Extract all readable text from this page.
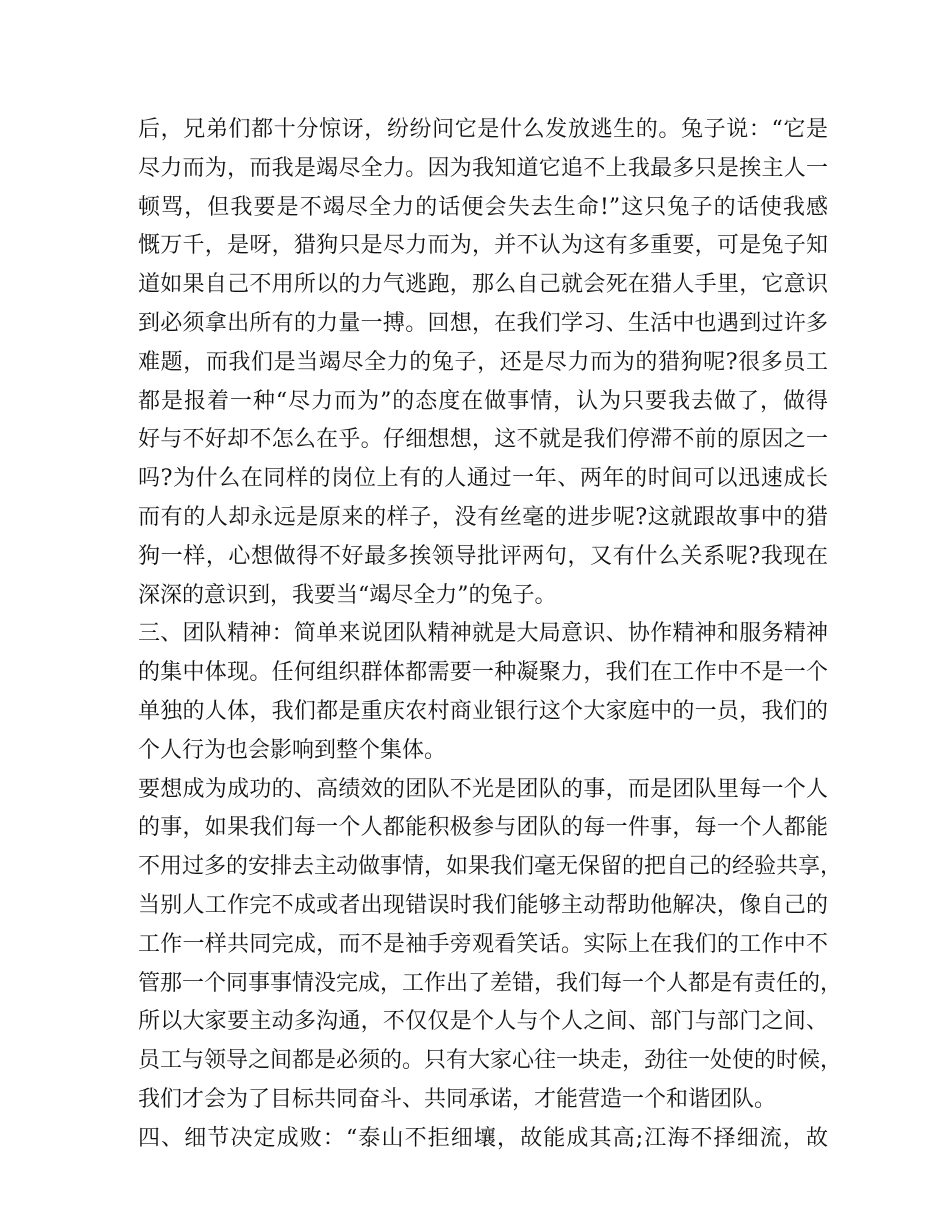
后，兄弟们都十分惊讶，纷纷问它是什么发放逃生的。兔子说：“它是
尽力而为，而我是竭尽全力。因为我知道它追不上我最多只是挨主人一
顿骂，但我要是不竭尽全力的话便会失去生命!”这只兔子的话使我感
慨万千，是呀，猎狗只是尽力而为，并不认为这有多重要，可是兔子知
道如果自己不用所以的力气逃跑，那么自己就会死在猎人手里，它意识
到必须拿出所有的力量一搏。回想，在我们学习、生活中也遇到过许多
难题，而我们是当竭尽全力的兔子，还是尽力而为的猎狗呢?很多员工
都是报着一种“尽力而为”的态度在做事情，认为只要我去做了，做得
好与不好却不怎么在乎。仔细想想，这不就是我们停滞不前的原因之一
吗?为什么在同样的岗位上有的人通过一年、两年的时间可以迅速成长
而有的人却永远是原来的样子，没有丝毫的进步呢?这就跟故事中的猎
狗一样，心想做得不好最多挨领导批评两句，又有什么关系呢?我现在
深深的意识到，我要当“竭尽全力”的兔子。
三、团队精神：简单来说团队精神就是大局意识、协作精神和服务精神
的集中体现。任何组织群体都需要一种凝聚力，我们在工作中不是一个
单独的人体，我们都是重庆农村商业银行这个大家庭中的一员，我们的
个人行为也会影响到整个集体。
要想成为成功的、高绩效的团队不光是团队的事，而是团队里每一个人
的事，如果我们每一个人都能积极参与团队的每一件事，每一个人都能
不用过多的安排去主动做事情，如果我们毫无保留的把自己的经验共享，
当别人工作完不成或者出现错误时我们能够主动帮助他解决，像自己的
工作一样共同完成，而不是袖手旁观看笑话。实际上在我们的工作中不
管那一个同事事情没完成，工作出了差错，我们每一个人都是有责任的，
所以大家要主动多沟通，不仅仅是个人与个人之间、部门与部门之间、
员工与领导之间都是必须的。只有大家心往一块走，劲往一处使的时候，
我们才会为了目标共同奋斗、共同承诺，才能营造一个和谐团队。
四、细节决定成败：“泰山不拒细壤，故能成其高;江海不择细流，故
